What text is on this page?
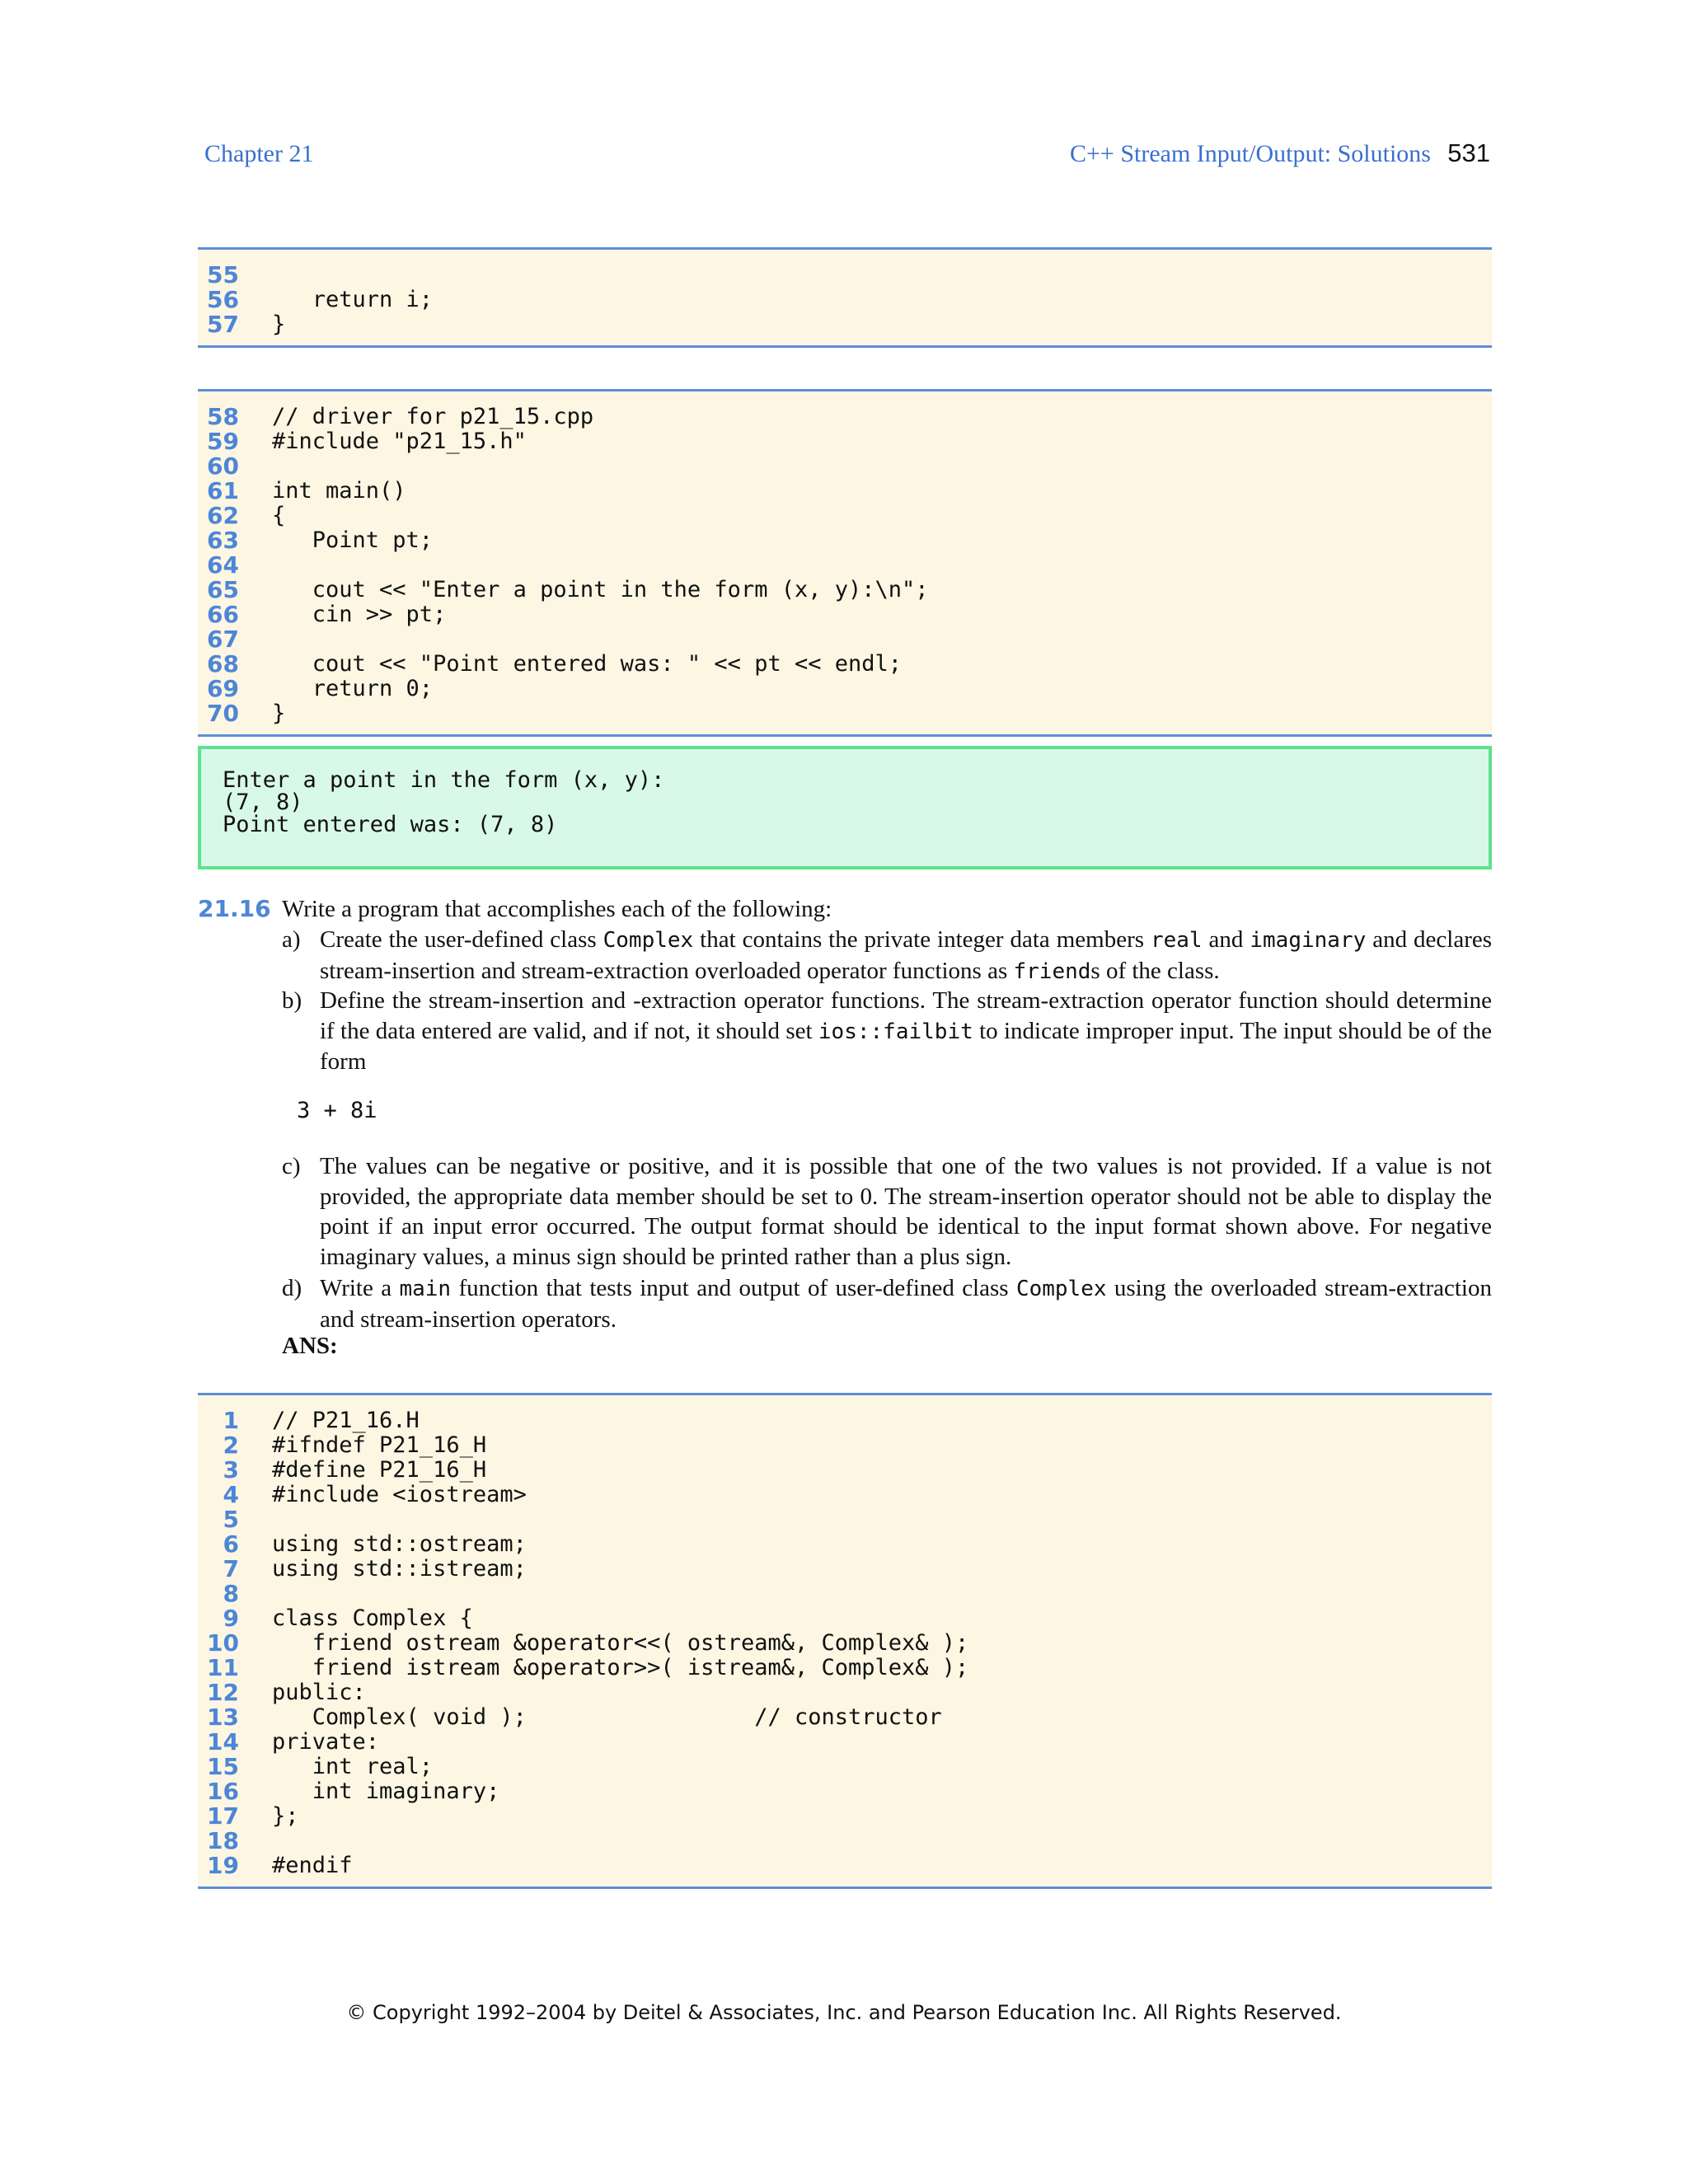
Chapter 21	C++ Stream Input/Output: Solutions 531
55
56 return i;
57 }
58 // driver for p21_15.cpp
59 #include "p21_15.h"
60
61 int main()
62 {
63 Point pt;
64
65 cout << "Enter a point in the form (x, y):\n";
66 cin >> pt;
67
68 cout << "Point entered was: " << pt << endl;
69 return 0;
70 }
Enter a point in the form (x, y):
(7, 8)
Point entered was: (7, 8)
21.16 Write a program that accomplishes each of the following:
a) Create the user-defined class Complex that contains the private integer data members real and imaginary and declares stream-insertion and stream-extraction overloaded operator functions as friends of the class.
b) Define the stream-insertion and -extraction operator functions. The stream-extraction operator function should determine if the data entered are valid, and if not, it should set ios::failbit to indicate improper input. The input should be of the form
3 + 8i
c) The values can be negative or positive, and it is possible that one of the two values is not provided. If a value is not provided, the appropriate data member should be set to 0. The stream-insertion operator should not be able to display the point if an input error occurred. The output format should be identical to the input format shown above. For negative imaginary values, a minus sign should be printed rather than a plus sign.
d) Write a main function that tests input and output of user-defined class Complex using the overloaded stream-extraction and stream-insertion operators.
ANS:
1 // P21_16.H
2 #ifndef P21_16_H
3 #define P21_16_H
4 #include <iostream>
5
6 using std::ostream;
7 using std::istream;
8
9 class Complex {
10 friend ostream &operator<<( ostream&, Complex& );
11 friend istream &operator>>( istream&, Complex& );
12 public:
13 Complex( void );                 // constructor
14 private:
15 int real;
16 int imaginary;
17 };
18
19 #endif
© Copyright 1992–2004 by Deitel & Associates, Inc. and Pearson Education Inc. All Rights Reserved.
